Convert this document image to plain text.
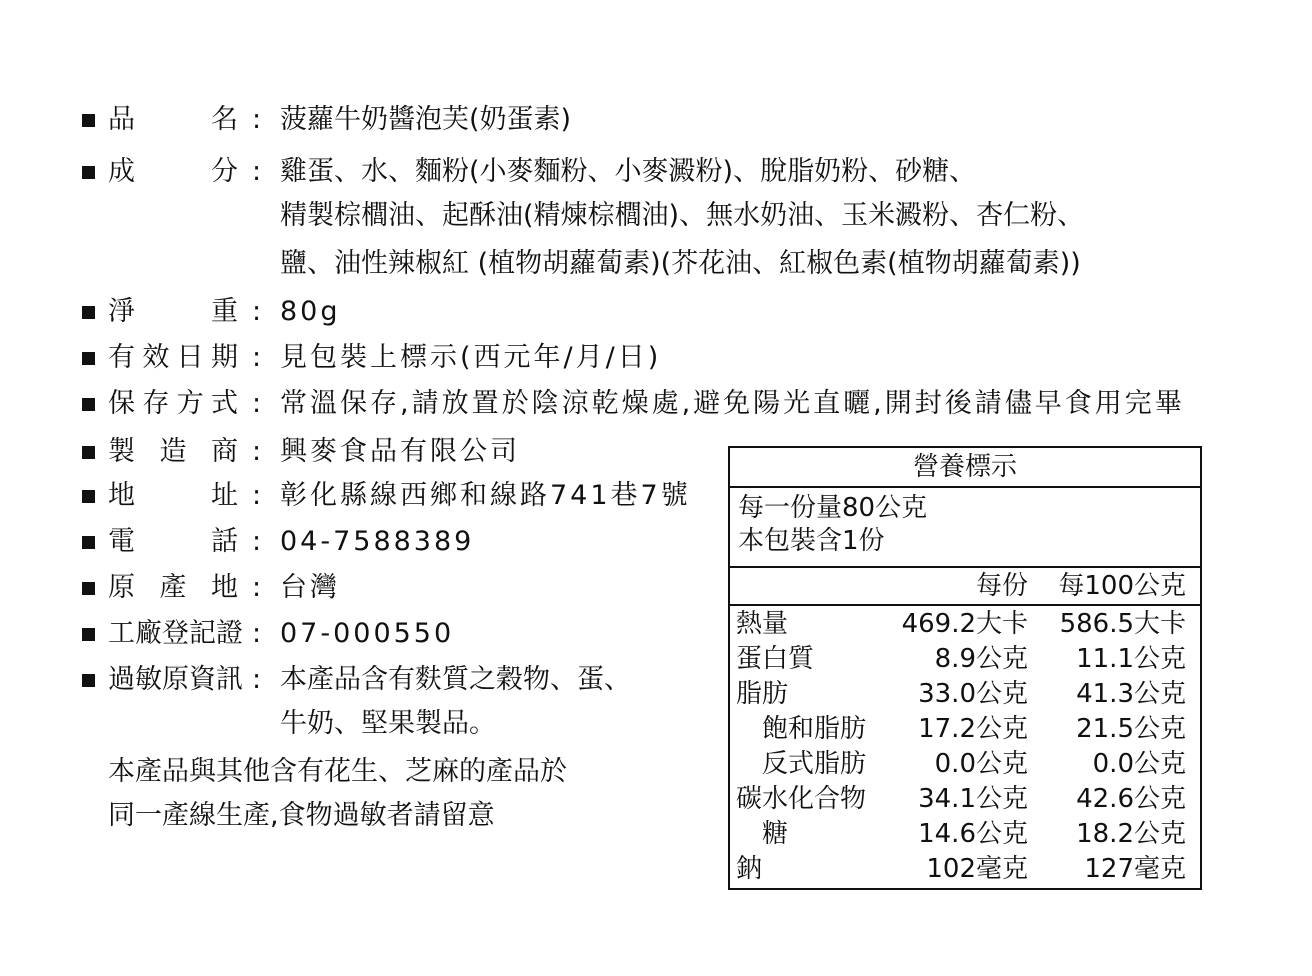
品	名 : 菠蘿牛奶醬泡芙(奶蛋素)
成	分 : 雞蛋、水、麵粉(小麥麵粉、小麥澱粉)、脫脂奶粉、砂糖、
精製棕櫚油、起酥油(精煉棕櫚油)、無水奶油、玉米澱粉、杏仁粉、
鹽、油性辣椒紅 (植物胡蘿蔔素)(芥花油、紅椒色素(植物胡蘿蔔素))
淨	重 : 80g
有 效 日 期 : 見包裝上標示(西元年/月/日)
保 存 方 式 : 常溫保存,請放置於陰涼乾燥處,避免陽光直曬,開封後請儘早食用完畢
製 造 商 : 興麥食品有限公司
地	址 : 彰化縣線西鄉和線路741巷7號
電	話 : 04-7588389
原 產 地 : 台灣
工廠登記證 : 07-000550
過敏原資訊 : 本產品含有麩質之穀物、蛋、
牛奶、堅果製品。
本產品與其他含有花生、芝麻的產品於
同一產線生產,食物過敏者請留意
營養標示
每一份量80公克
本包裝含1份
每份 每100公克
熱量	469.2大卡 586.5大卡
蛋白質	8.9公克 11.1公克
脂肪	33.0公克 41.3公克
飽和脂肪 17.2公克 21.5公克
反式脂肪	0.0公克 0.0公克
碳水化合物 34.1公克 42.6公克
糖	14.6公克 18.2公克
鈉	102毫克 127毫克
